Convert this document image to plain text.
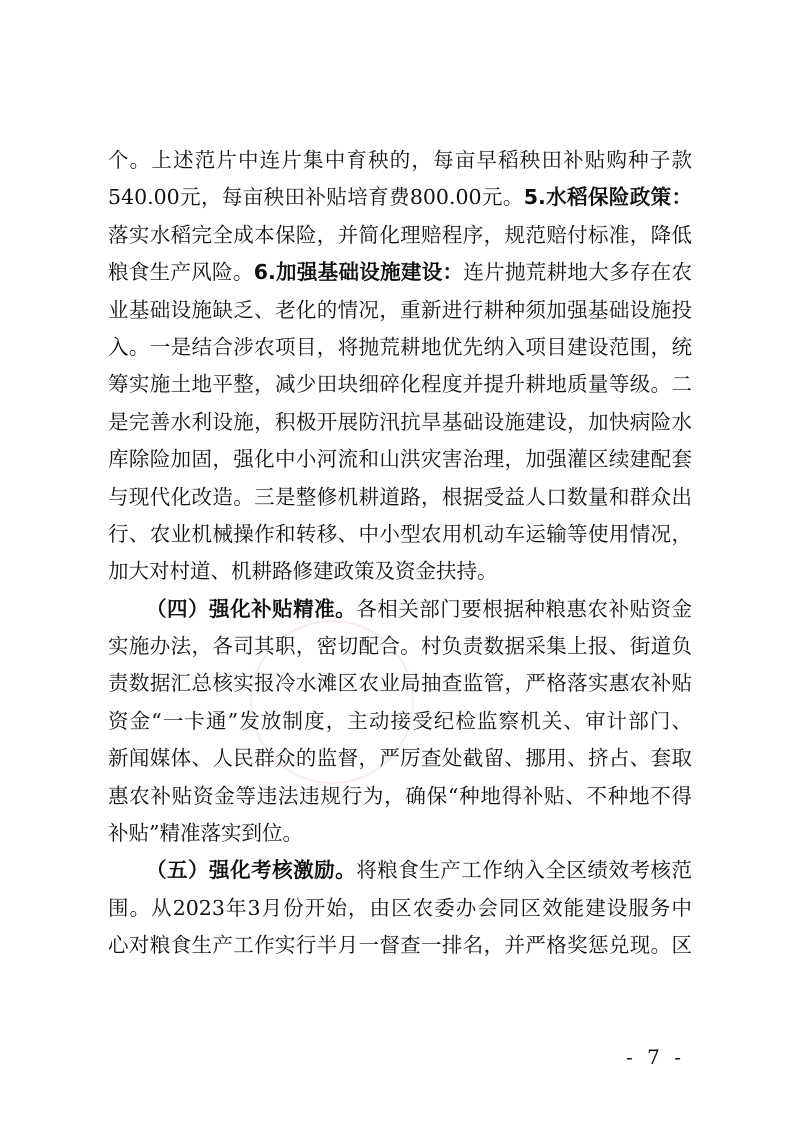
个。上述范片中连片集中育秧的，每亩早稻秧田补贴购种子款
540.00元，每亩秧田补贴培育费800.00元。5.水稻保险政策：
落实水稻完全成本保险，并简化理赔程序，规范赔付标准，降低
粮食生产风险。6.加强基础设施建设：连片抛荒耕地大多存在农
业基础设施缺乏、老化的情况，重新进行耕种须加强基础设施投
入。一是结合涉农项目，将抛荒耕地优先纳入项目建设范围，统
筹实施土地平整，减少田块细碎化程度并提升耕地质量等级。二
是完善水利设施，积极开展防汛抗旱基础设施建设，加快病险水
库除险加固，强化中小河流和山洪灾害治理，加强灌区续建配套
与现代化改造。三是整修机耕道路，根据受益人口数量和群众出
行、农业机械操作和转移、中小型农用机动车运输等使用情况，
加大对村道、机耕路修建政策及资金扶持。
（四）强化补贴精准。各相关部门要根据种粮惠农补贴资金
实施办法，各司其职，密切配合。村负责数据采集上报、街道负
责数据汇总核实报冷水滩区农业局抽查监管，严格落实惠农补贴
资金“一卡通”发放制度，主动接受纪检监察机关、审计部门、
新闻媒体、人民群众的监督，严厉查处截留、挪用、挤占、套取
惠农补贴资金等违法违规行为，确保“种地得补贴、不种地不得
补贴”精准落实到位。
（五）强化考核激励。将粮食生产工作纳入全区绩效考核范
围。从2023年3月份开始，由区农委办会同区效能建设服务中
心对粮食生产工作实行半月一督查一排名，并严格奖惩兑现。区
- 7 -
